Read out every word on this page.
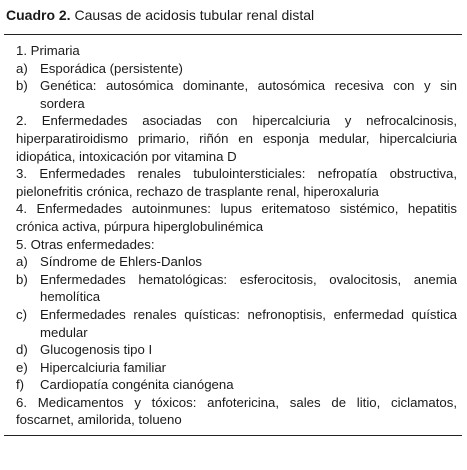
Cuadro 2. Causas de acidosis tubular renal distal
1. Primaria
a) Esporádica (persistente)
b) Genética: autosómica dominante, autosómica recesiva con y sin sordera
2. Enfermedades asociadas con hipercalciuria y nefrocalcinosis, hiperparatiroidismo primario, riñón en esponja medular, hipercalciuria idiopática, intoxicación por vitamina D
3. Enfermedades renales tubulointersticiales: nefropatía obstructiva, pielonefritis crónica, rechazo de trasplante renal, hiperoxaluria
4. Enfermedades autoinmunes: lupus eritematoso sistémico, hepatitis crónica activa, púrpura hiperglobulinémica
5. Otras enfermedades:
a) Síndrome de Ehlers-Danlos
b) Enfermedades hematológicas: esferocitosis, ovalocitosis, anemia hemolítica
c) Enfermedades renales quísticas: nefronoptisis, enfermedad quística medular
d) Glucogenosis tipo I
e) Hipercalciuria familiar
f)	Cardiopatía congénita cianógena
6. Medicamentos y tóxicos: anfotericina, sales de litio, ciclamatos, foscarnet, amilorida, tolueno
